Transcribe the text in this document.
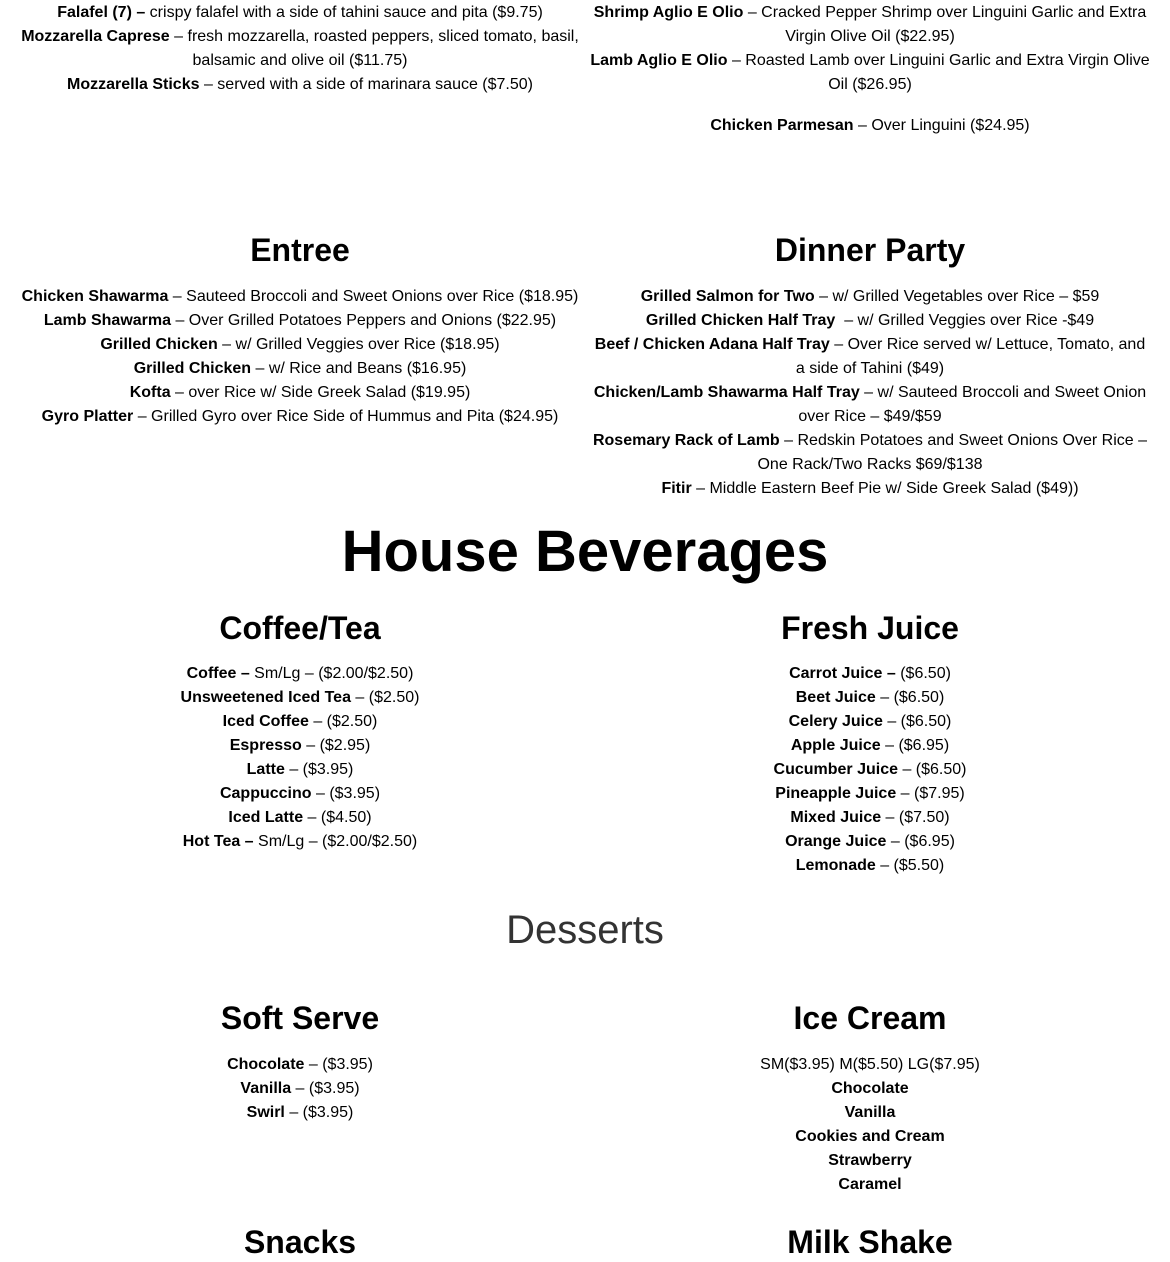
Falafel (7) – crispy falafel with a side of tahini sauce and pita ($9.75)

Mozzarella Caprese – fresh mozzarella, roasted peppers, sliced tomato, basil, balsamic and olive oil ($11.75)

Mozzarella Sticks – served with a side of marinara sauce ($7.50)

Shrimp Aglio E Olio – Cracked Pepper Shrimp over Linguini Garlic and Extra Virgin Olive Oil ($22.95)

Lamb Aglio E Olio – Roasted Lamb over Linguini Garlic and Extra Virgin Olive Oil ($26.95)

Chicken Parmesan – Over Linguini ($24.95)

Entree

Chicken Shawarma – Sauteed Broccoli and Sweet Onions over Rice ($18.95)

Lamb Shawarma – Over Grilled Potatoes Peppers and Onions ($22.95)

Grilled Chicken – w/ Grilled Veggies over Rice ($18.95)

Grilled Chicken – w/ Rice and Beans ($16.95)

Kofta – over Rice w/ Side Greek Salad ($19.95)

Gyro Platter – Grilled Gyro over Rice Side of Hummus and Pita ($24.95)

Dinner Party

Grilled Salmon for Two – w/ Grilled Vegetables over Rice – $59

Grilled Chicken Half Tray  – w/ Grilled Veggies over Rice -$49

Beef / Chicken Adana Half Tray – Over Rice served w/ Lettuce, Tomato, and a side of Tahini ($49)

Chicken/Lamb Shawarma Half Tray – w/ Sauteed Broccoli and Sweet Onion over Rice – $49/$59

Rosemary Rack of Lamb – Redskin Potatoes and Sweet Onions Over Rice – One Rack/Two Racks $69/$138

Fitir – Middle Eastern Beef Pie w/ Side Greek Salad ($49))

House Beverages
Coffee/Tea

Coffee – Sm/Lg – ($2.00/$2.50)

Unsweetened Iced Tea – ($2.50)

Iced Coffee – ($2.50)

Espresso – ($2.95)

Latte – ($3.95)

Cappuccino – ($3.95)

Iced Latte – ($4.50)

Hot Tea – Sm/Lg – ($2.00/$2.50)

Fresh Juice

Carrot Juice – ($6.50)

Beet Juice – ($6.50)

Celery Juice – ($6.50)

Apple Juice – ($6.95)

Cucumber Juice – ($6.50)

Pineapple Juice – ($7.95)

Mixed Juice – ($7.50)

Orange Juice – ($6.95)

Lemonade – ($5.50)

Desserts
Soft Serve

Chocolate – ($3.95)

Vanilla – ($3.95)

Swirl – ($3.95)

Ice Cream

SM($3.95) M($5.50) LG($7.95)

Chocolate

Vanilla

Cookies and Cream

Strawberry

Caramel

Snacks	Milk Shake
